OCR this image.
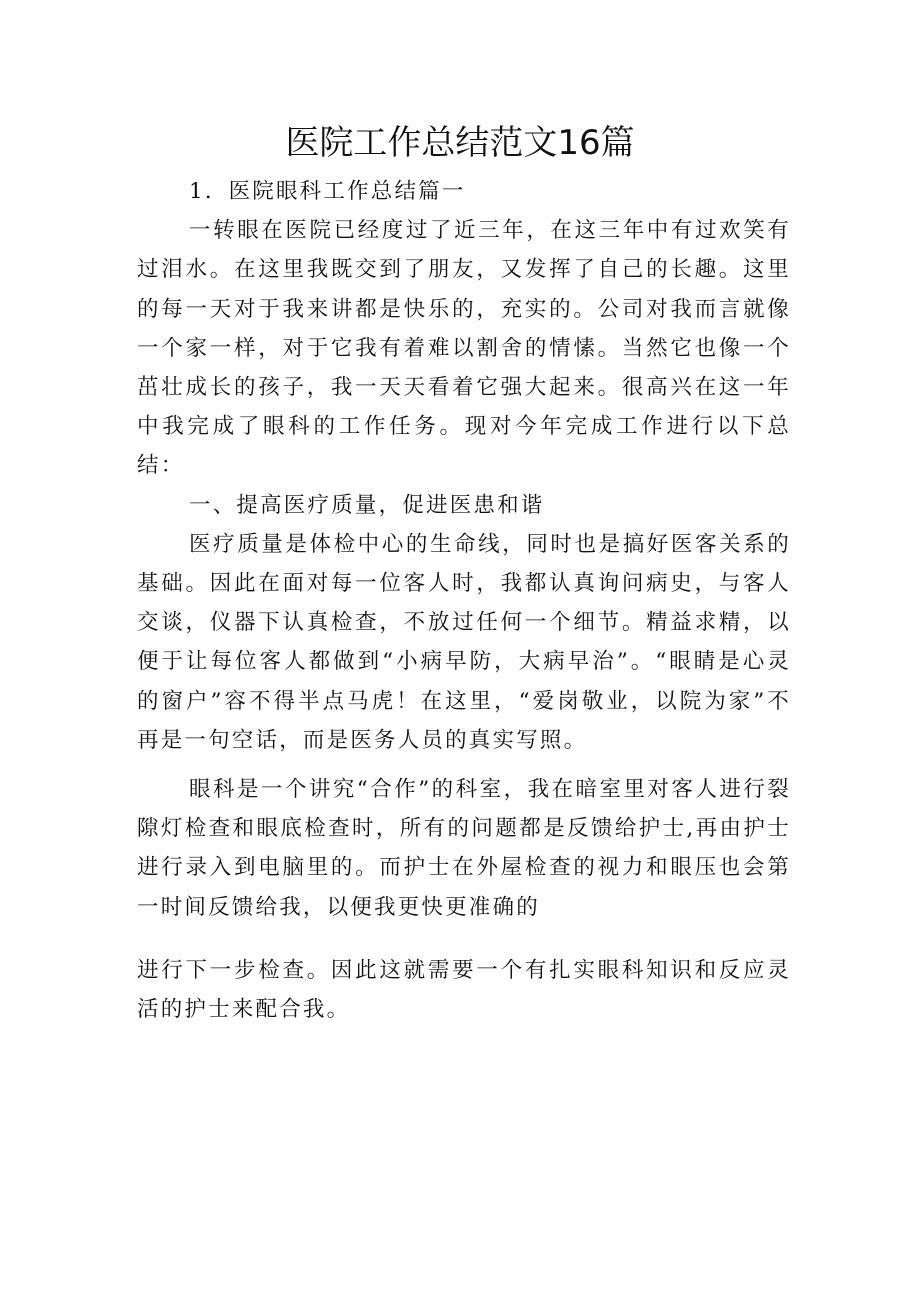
医院工作总结范文16篇

1．医院眼科工作总结篇一

一转眼在医院已经度过了近三年，在这三年中有过欢笑有过泪水。在这里我既交到了朋友，又发挥了自己的长趣。这里的每一天对于我来讲都是快乐的，充实的。公司对我而言就像一个家一样，对于它我有着难以割舍的情愫。当然它也像一个茁壮成长的孩子，我一天天看着它强大起来。很高兴在这一年中我完成了眼科的工作任务。现对今年完成工作进行以下总结：

一、提高医疗质量，促进医患和谐

医疗质量是体检中心的生命线，同时也是搞好医客关系的基础。因此在面对每一位客人时，我都认真询问病史，与客人交谈，仪器下认真检查，不放过任何一个细节。精益求精，以便于让每位客人都做到“小病早防，大病早治”。“眼睛是心灵的窗户”容不得半点马虎！在这里，“爱岗敬业，以院为家”不再是一句空话，而是医务人员的真实写照。

眼科是一个讲究“合作”的科室，我在暗室里对客人进行裂隙灯检查和眼底检查时，所有的问题都是反馈给护士,再由护士进行录入到电脑里的。而护士在外屋检查的视力和眼压也会第一时间反馈给我，以便我更快更准确的

进行下一步检查。因此这就需要一个有扎实眼科知识和反应灵活的护士来配合我。
